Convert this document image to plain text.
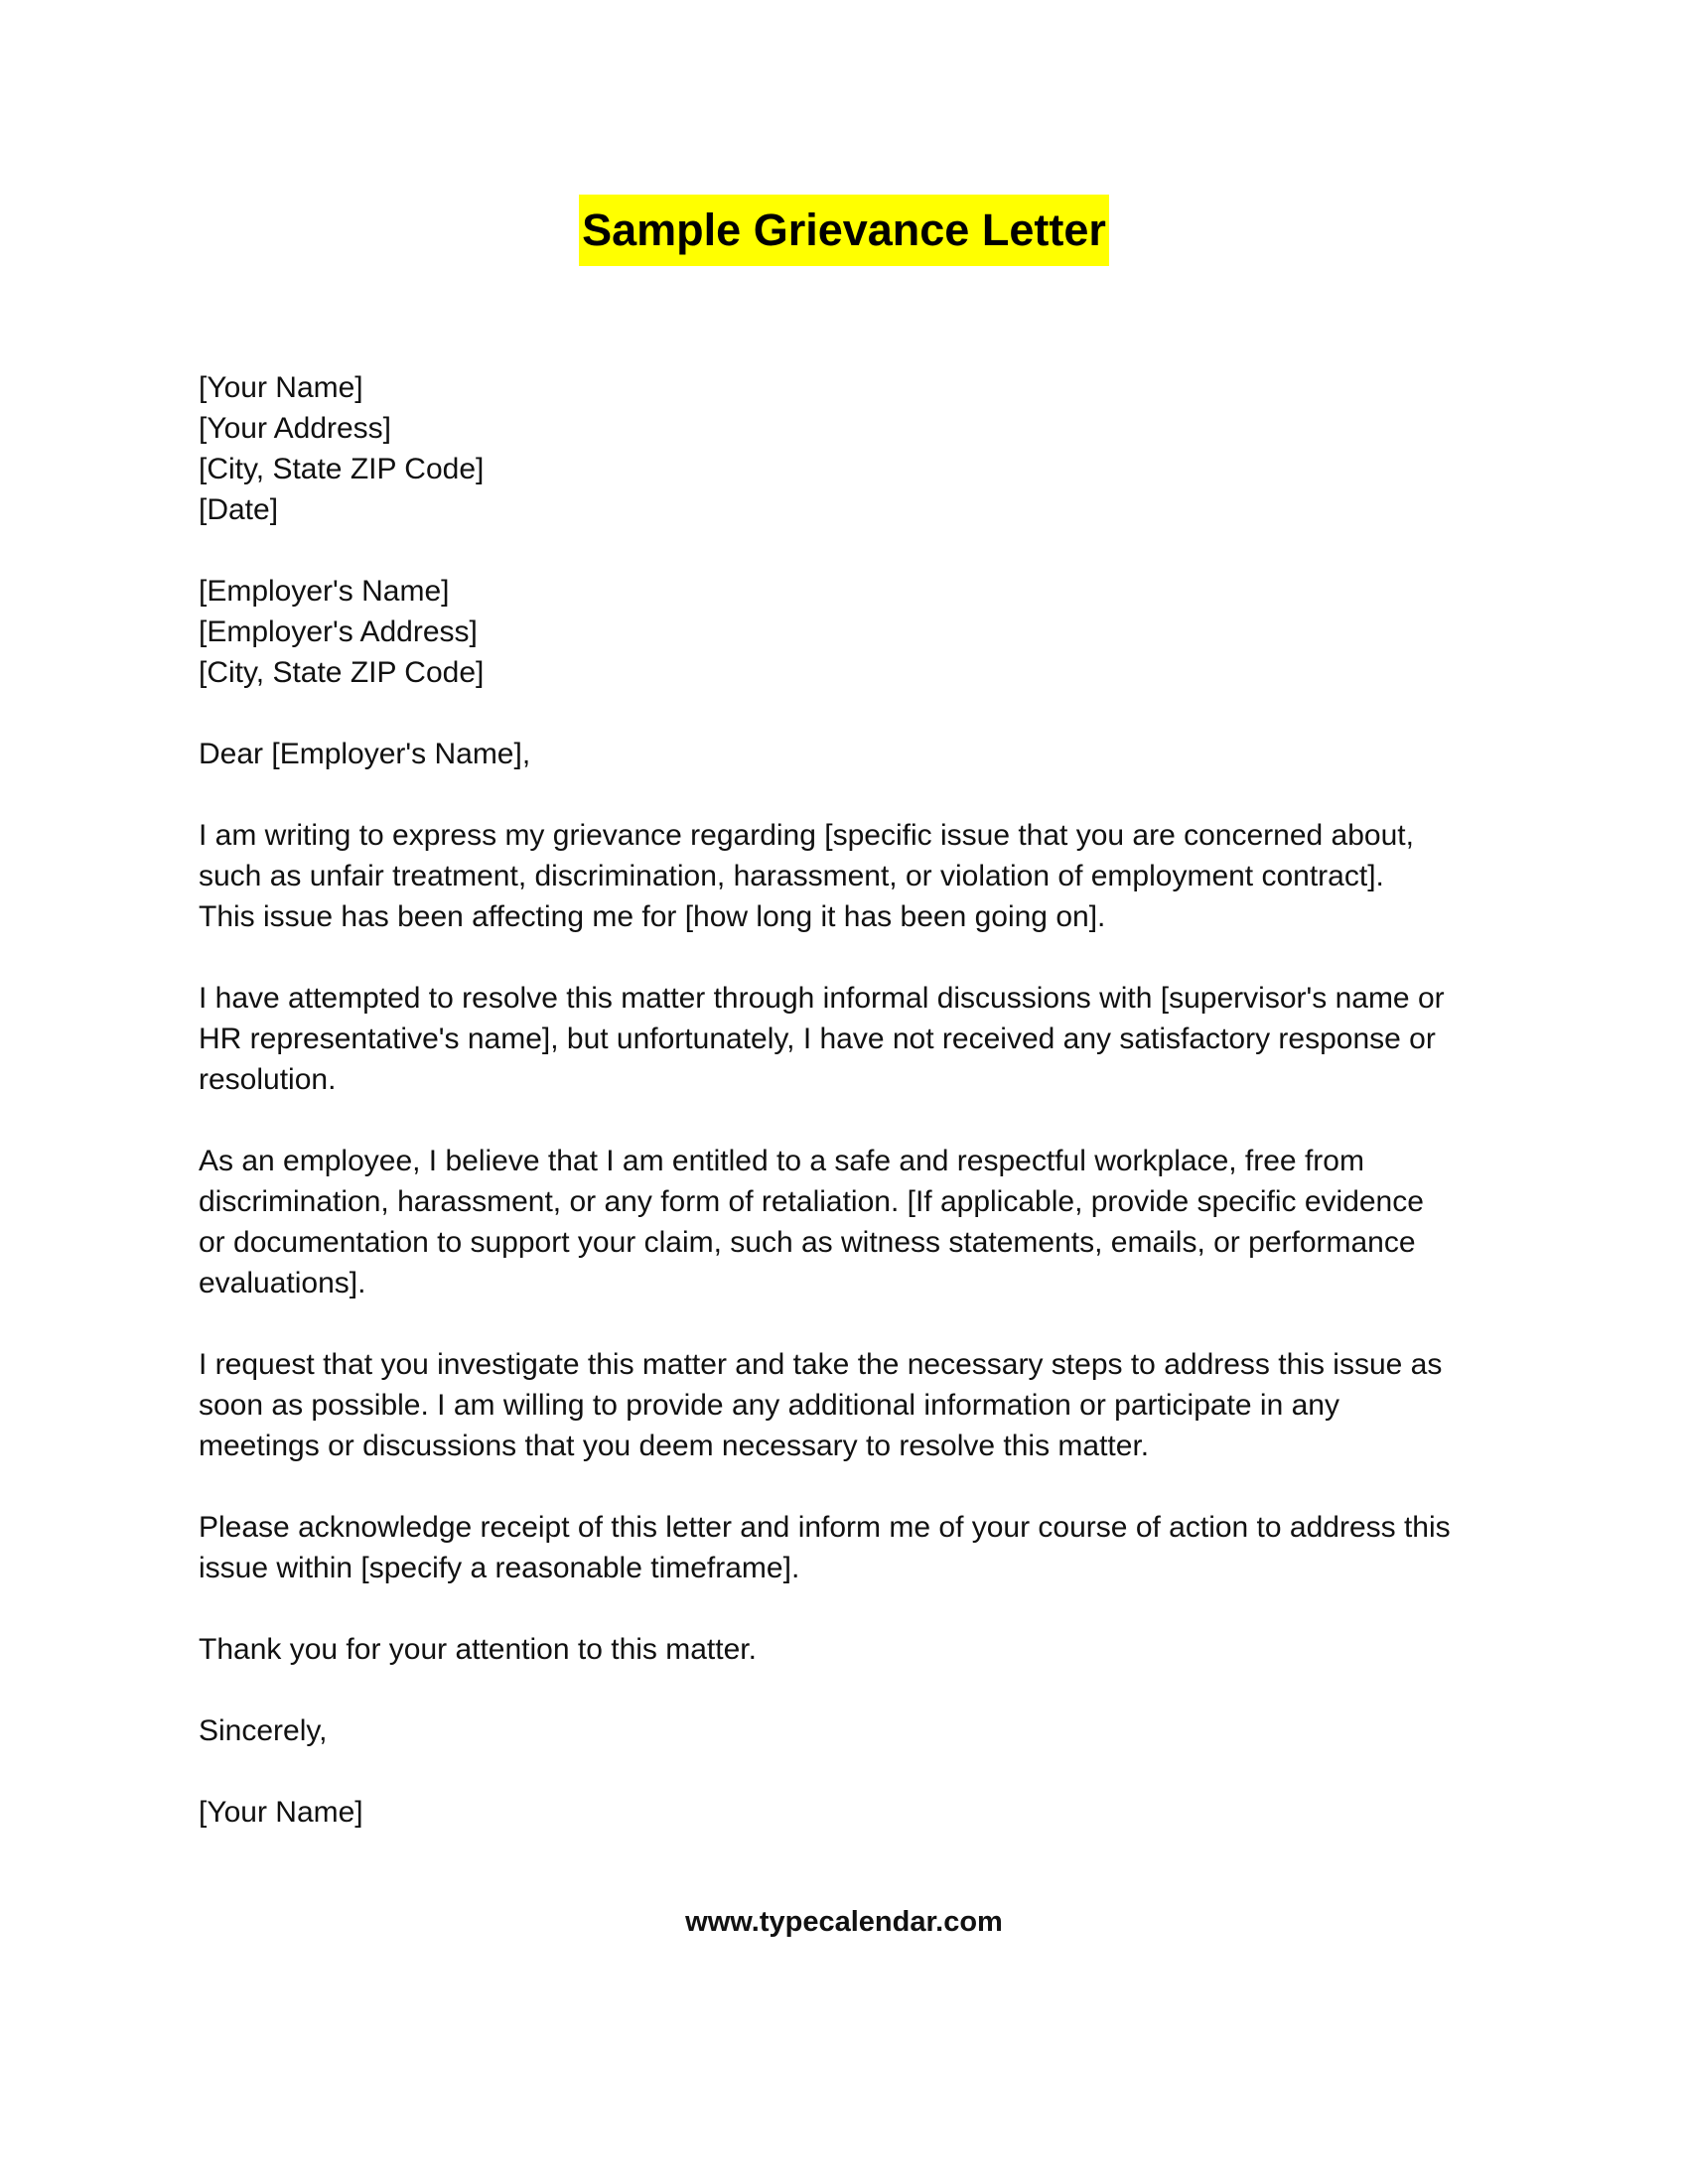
Sample Grievance Letter
[Your Name]
[Your Address]
[City, State ZIP Code]
[Date]
[Employer's Name]
[Employer's Address]
[City, State ZIP Code]
Dear [Employer's Name],
I am writing to express my grievance regarding [specific issue that you are concerned about,
such as unfair treatment, discrimination, harassment, or violation of employment contract].
This issue has been affecting me for [how long it has been going on].
I have attempted to resolve this matter through informal discussions with [supervisor's name or
HR representative's name], but unfortunately, I have not received any satisfactory response or
resolution.
As an employee, I believe that I am entitled to a safe and respectful workplace, free from
discrimination, harassment, or any form of retaliation. [If applicable, provide specific evidence
or documentation to support your claim, such as witness statements, emails, or performance
evaluations].
I request that you investigate this matter and take the necessary steps to address this issue as
soon as possible. I am willing to provide any additional information or participate in any
meetings or discussions that you deem necessary to resolve this matter.
Please acknowledge receipt of this letter and inform me of your course of action to address this
issue within [specify a reasonable timeframe].
Thank you for your attention to this matter.
Sincerely,
[Your Name]
www.typecalendar.com
